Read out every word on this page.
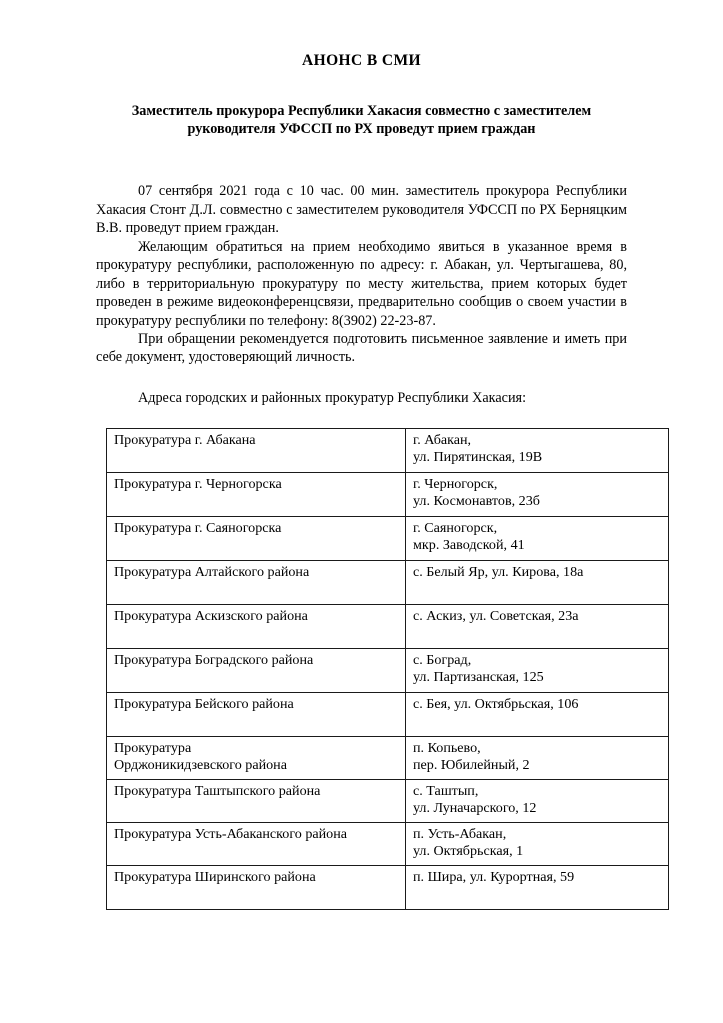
АНОНС В СМИ
Заместитель прокурора Республики Хакасия совместно с заместителем руководителя УФССП по РХ проведут прием граждан

07 сентября 2021 года с 10 час. 00 мин. заместитель прокурора Республики Хакасия Стонт Д.Л. совместно с заместителем руководителя УФССП по РХ Берняцким В.В. проведут прием граждан.

Желающим обратиться на прием необходимо явиться в указанное время в прокуратуру республики, расположенную по адресу: г. Абакан, ул. Чертыгашева, 80, либо в территориальную прокуратуру по месту жительства, прием которых будет проведен в режиме видеоконференцсвязи, предварительно сообщив о своем участии в прокуратуру республики по телефону: 8(3902) 22-23-87.

При обращении рекомендуется подготовить письменное заявление и иметь при себе документ, удостоверяющий личность.

Адреса городских и районных прокуратур Республики Хакасия:
Прокуратура г. Абакана	г. Абакан,
ул. Пирятинская, 19В

Прокуратура г. Черногорска	г. Черногорск,
ул. Космонавтов, 23б

Прокуратура г. Саяногорска	г. Саяногорск,
мкр. Заводской, 41

Прокуратура Алтайского района	с. Белый Яр, ул. Кирова, 18а

Прокуратура Аскизского района	с. Аскиз, ул. Советская, 23а

Прокуратура Боградского района	с. Боград,
ул. Партизанская, 125

Прокуратура Бейского района	с. Бея, ул. Октябрьская, 106

Прокуратура
Орджоникидзевского района	п. Копьево,
пер. Юбилейный, 2

Прокуратура Таштыпского района	с. Таштып,
ул. Луначарского, 12

Прокуратура Усть-Абаканского района	п. Усть-Абакан,
ул. Октябрьская, 1

Прокуратура Ширинского района	п. Шира, ул. Курортная, 59
